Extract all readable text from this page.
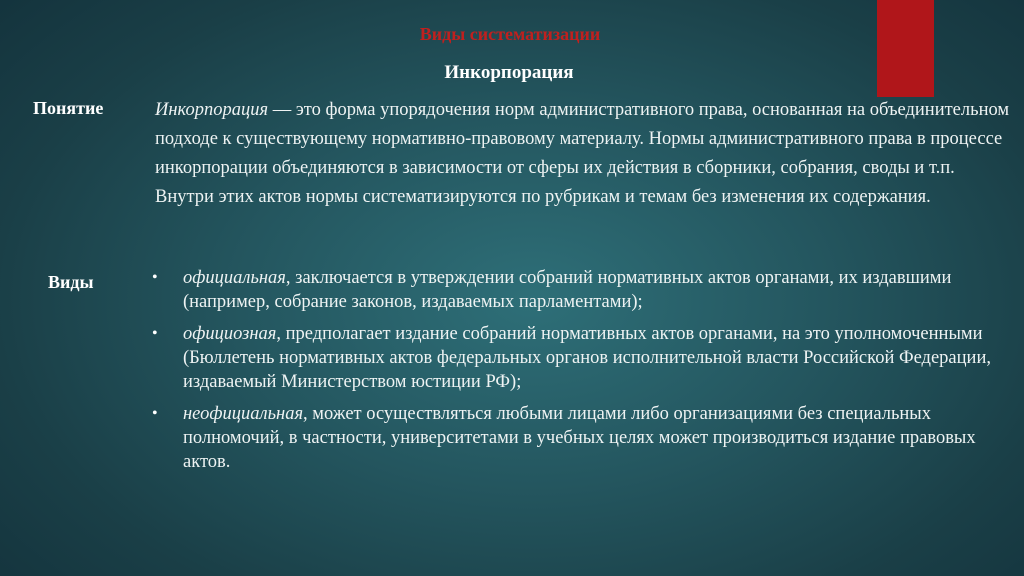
Виды систематизации
Инкорпорация
Понятие	Инкорпорация — это форма упорядочения норм административного права, основанная на объединительном подходе к существующему нормативно-правовому материалу. Нормы административного права в процессе инкорпорации объединяются в зависимости от сферы их действия в сборники, собрания, своды и т.п. Внутри этих актов нормы систематизируются по рубрикам и темам без изменения их содержания.
Виды	• официальная, заключается в утверждении собраний нормативных актов органами, их издавшими (например, собрание законов, издаваемых парламентами);
• официозная, предполагает издание собраний нормативных актов органами, на это уполномоченными (Бюллетень нормативных актов федеральных органов исполнительной власти Российской Федерации, издаваемый Министерством юстиции РФ);
• неофициальная, может осуществляться любыми лицами либо организациями без специальных полномочий, в частности, университетами в учебных целях может производиться издание правовых актов.
